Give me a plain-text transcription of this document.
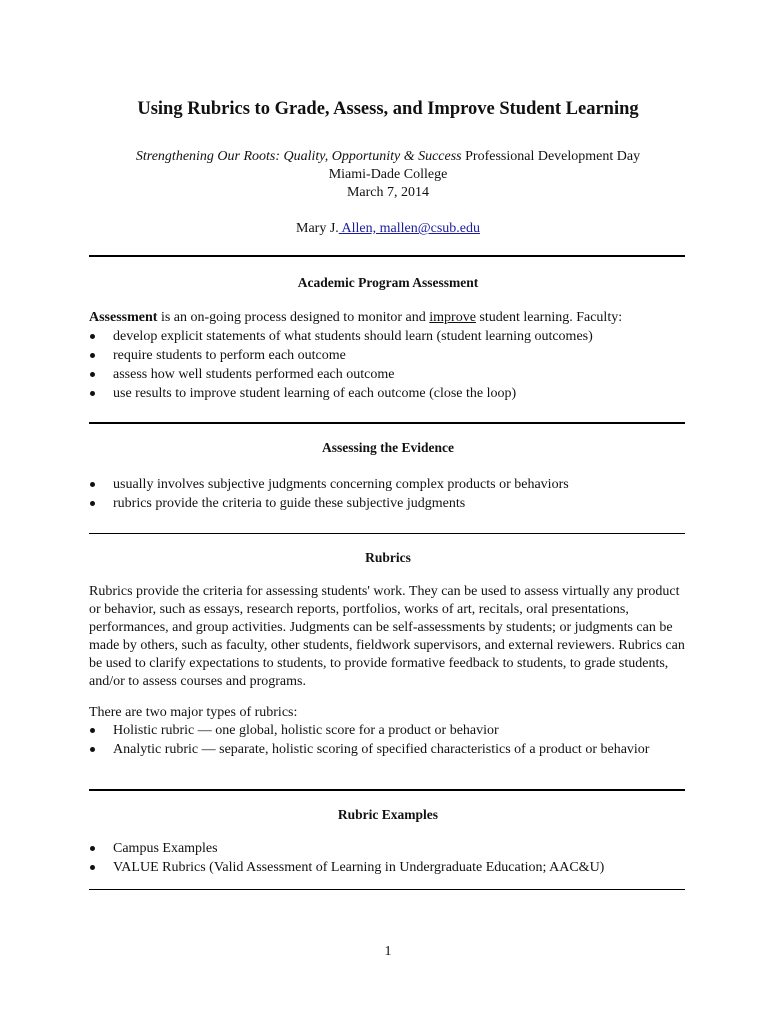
Using Rubrics to Grade, Assess, and Improve Student Learning
Strengthening Our Roots: Quality, Opportunity & Success Professional Development Day
Miami-Dade College
March 7, 2014
Mary J. Allen, mallen@csub.edu
Academic Program Assessment
Assessment is an on-going process designed to monitor and improve student learning. Faculty:
develop explicit statements of what students should learn (student learning outcomes)
require students to perform each outcome
assess how well students performed each outcome
use results to improve student learning of each outcome (close the loop)
Assessing the Evidence
usually involves subjective judgments concerning complex products or behaviors
rubrics provide the criteria to guide these subjective judgments
Rubrics
Rubrics provide the criteria for assessing students' work. They can be used to assess virtually any product or behavior, such as essays, research reports, portfolios, works of art, recitals, oral presentations, performances, and group activities. Judgments can be self-assessments by students; or judgments can be made by others, such as faculty, other students, fieldwork supervisors, and external reviewers. Rubrics can be used to clarify expectations to students, to provide formative feedback to students, to grade students, and/or to assess courses and programs.
There are two major types of rubrics:
Holistic rubric — one global, holistic score for a product or behavior
Analytic rubric — separate, holistic scoring of specified characteristics of a product or behavior
Rubric Examples
Campus Examples
VALUE Rubrics (Valid Assessment of Learning in Undergraduate Education; AAC&U)
1
